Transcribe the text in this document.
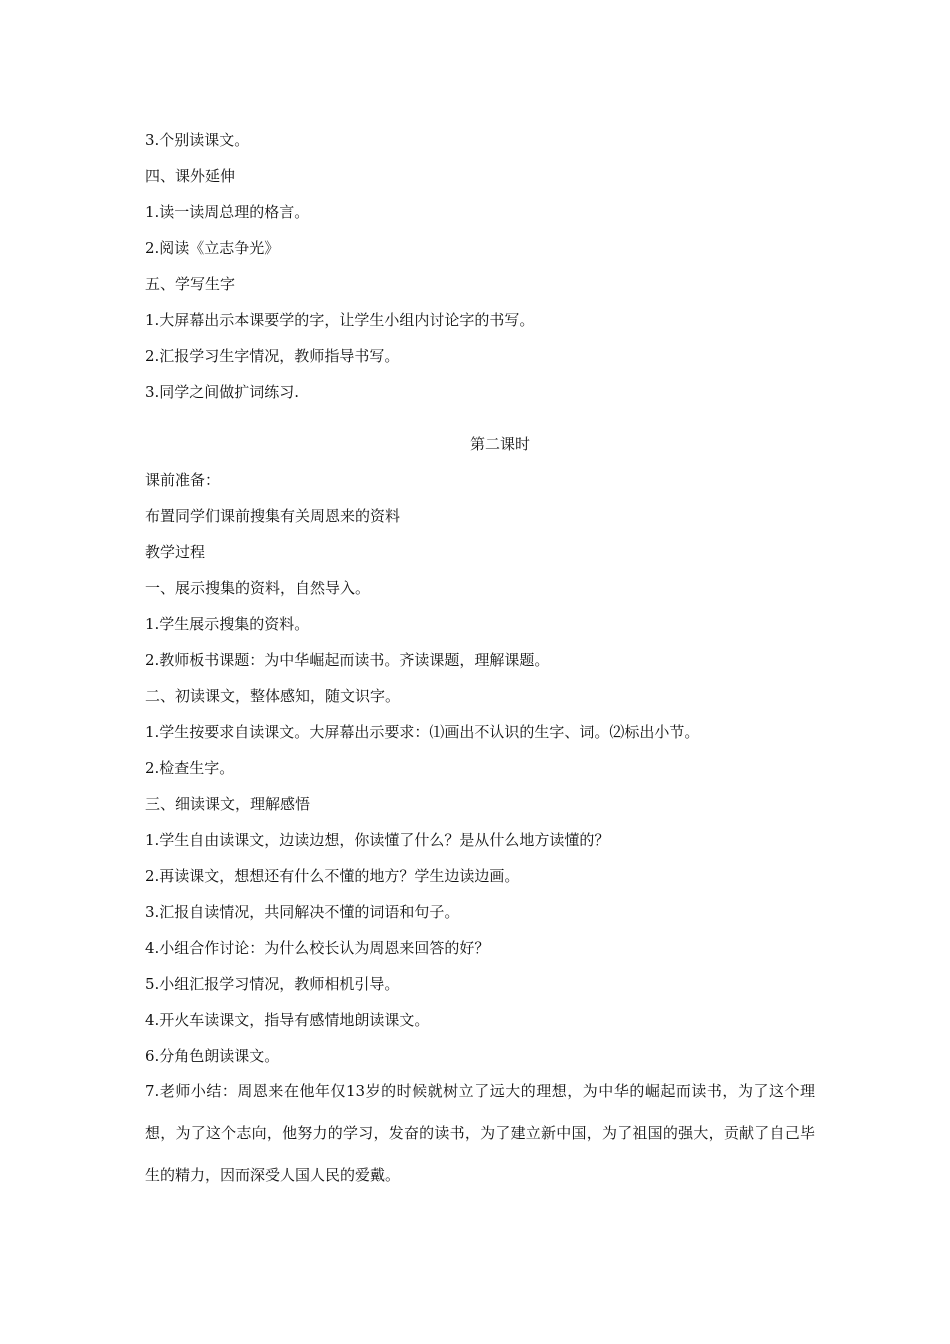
3.个别读课文。
四、课外延伸
1.读一读周总理的格言。
2.阅读《立志争光》
五、学写生字
1.大屏幕出示本课要学的字，让学生小组内讨论字的书写。
2.汇报学习生字情况，教师指导书写。
3.同学之间做扩词练习.
第二课时
课前准备：
布置同学们课前搜集有关周恩来的资料
教学过程
一、展示搜集的资料，自然导入。
1.学生展示搜集的资料。
2.教师板书课题：为中华崛起而读书。齐读课题，理解课题。
二、初读课文，整体感知，随文识字。
1.学生按要求自读课文。大屏幕出示要求：⑴画出不认识的生字、词。⑵标出小节。
2.检查生字。
三、细读课文，理解感悟
1.学生自由读课文，边读边想，你读懂了什么？是从什么地方读懂的？
2.再读课文，想想还有什么不懂的地方？学生边读边画。
3.汇报自读情况，共同解决不懂的词语和句子。
4.小组合作讨论：为什么校长认为周恩来回答的好？
5.小组汇报学习情况，教师相机引导。
4.开火车读课文，指导有感情地朗读课文。
6.分角色朗读课文。
7.老师小结：周恩来在他年仅13岁的时候就树立了远大的理想，为中华的崛起而读书，为了这个理想，为了这个志向，他努力的学习，发奋的读书，为了建立新中国，为了祖国的强大，贡献了自己毕生的精力，因而深受人国人民的爱戴。
